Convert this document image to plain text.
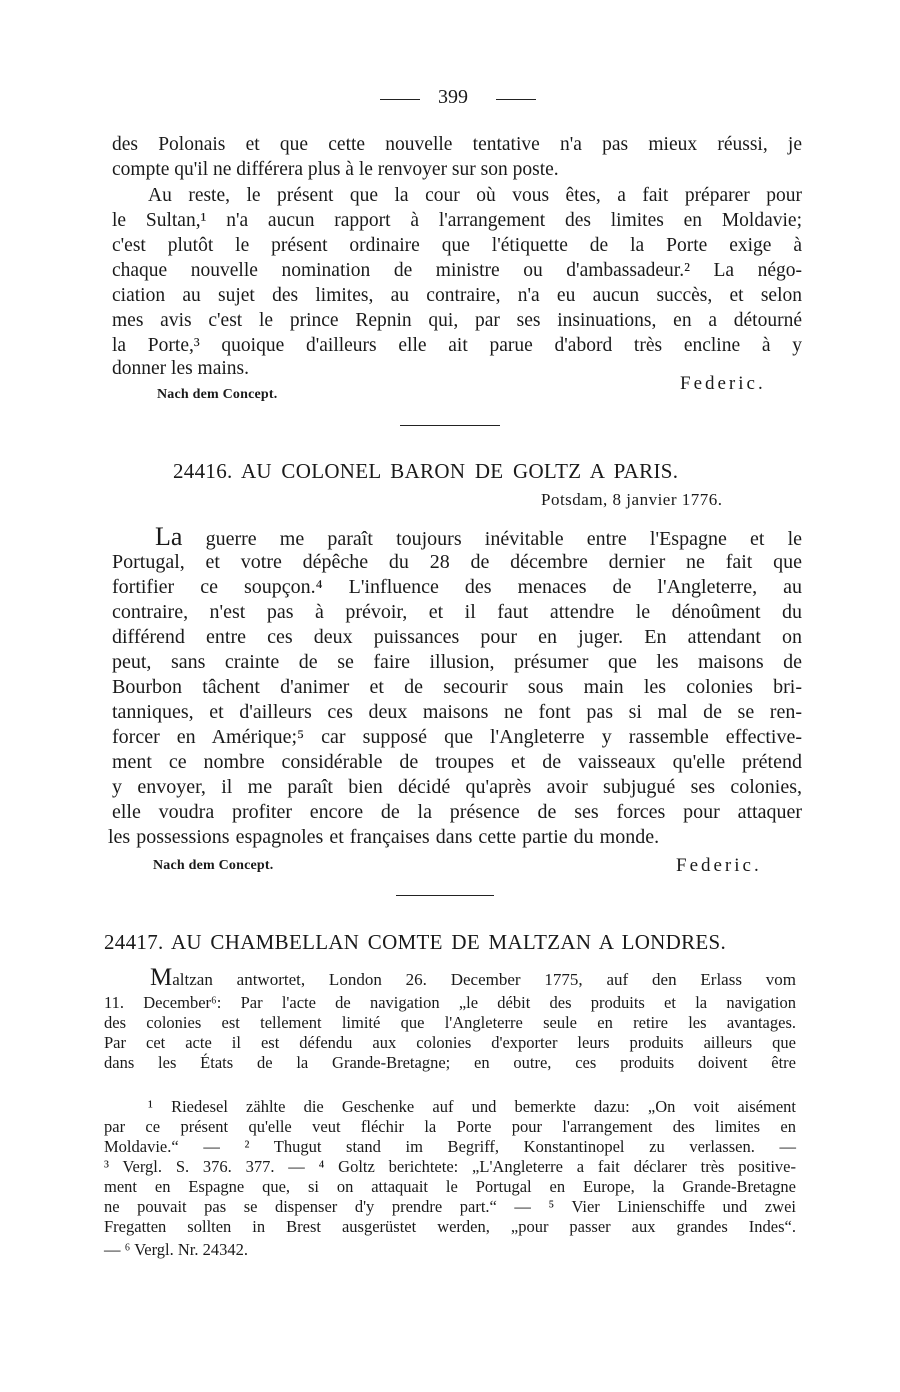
399
des Polonais et que cette nouvelle tentative n'a pas mieux réussi, je
compte qu'il ne différera plus à le renvoyer sur son poste.
Au reste, le présent que la cour où vous êtes, a fait préparer pour
le Sultan,¹ n'a aucun rapport à l'arrangement des limites en Moldavie;
c'est plutôt le présent ordinaire que l'étiquette de la Porte exige à
chaque nouvelle nomination de ministre ou d'ambassadeur.² La négo-
ciation au sujet des limites, au contraire, n'a eu aucun succès, et selon
mes avis c'est le prince Repnin qui, par ses insinuations, en a détourné
la Porte,³ quoique d'ailleurs elle ait parue d'abord très encline à y
donner les mains.
Nach dem Concept.
Federic.
24416. AU COLONEL BARON DE GOLTZ A PARIS.
Potsdam, 8 janvier 1776.
La guerre me paraît toujours inévitable entre l'Espagne et le
Portugal, et votre dépêche du 28 de décembre dernier ne fait que
fortifier ce soupçon.⁴ L'influence des menaces de l'Angleterre, au
contraire, n'est pas à prévoir, et il faut attendre le dénoûment du
différend entre ces deux puissances pour en juger. En attendant on
peut, sans crainte de se faire illusion, présumer que les maisons de
Bourbon tâchent d'animer et de secourir sous main les colonies bri-
tanniques, et d'ailleurs ces deux maisons ne font pas si mal de se ren-
forcer en Amérique;⁵ car supposé que l'Angleterre y rassemble effective-
ment ce nombre considérable de troupes et de vaisseaux qu'elle prétend
y envoyer, il me paraît bien décidé qu'après avoir subjugué ses colonies,
elle voudra profiter encore de la présence de ses forces pour attaquer
les possessions espagnoles et françaises dans cette partie du monde.
Nach dem Concept.	Federic.
24417. AU CHAMBELLAN COMTE DE MALTZAN A LONDRES.
Maltzan antwortet, London 26. December 1775, auf den Erlass vom
11. December⁶: Par l'acte de navigation „le débit des produits et la navigation
des colonies est tellement limité que l'Angleterre seule en retire les avantages.
Par cet acte il est défendu aux colonies d'exporter leurs produits ailleurs que
dans les États de la Grande-Bretagne; en outre, ces produits doivent être
¹ Riedesel zählte die Geschenke auf und bemerkte dazu: „On voit aisément
par ce présent qu'elle veut fléchir la Porte pour l'arrangement des limites en
Moldavie.“ — ² Thugut stand im Begriff, Konstantinopel zu verlassen. —
³ Vergl. S. 376. 377. — ⁴ Goltz berichtete: „L'Angleterre a fait déclarer très positive-
ment en Espagne que, si on attaquait le Portugal en Europe, la Grande-Bretagne
ne pouvait pas se dispenser d'y prendre part.“ — ⁵ Vier Linienschiffe und zwei
Fregatten sollten in Brest ausgerüstet werden, „pour passer aux grandes Indes“.
— ⁶ Vergl. Nr. 24342.
